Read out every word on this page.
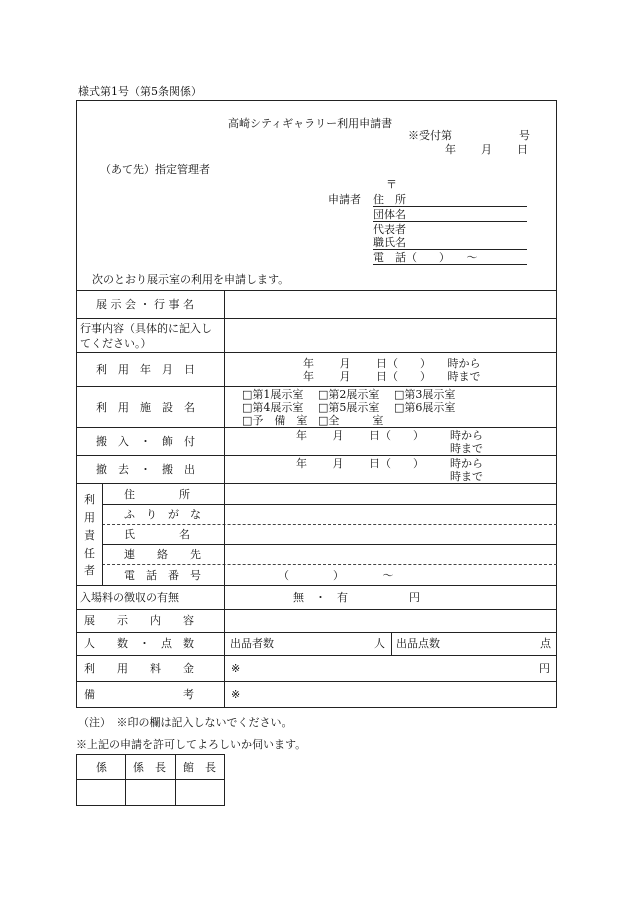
様式第1号（第5条関係）
高崎シティギャラリー利用申請書
※受付第	号
年 月 日
（あて先）指定管理者
〒
申請者 住　所
団体名
代表者
職氏名
電　話（　　）　　〜
次のとおり展示室の利用を申請します。
展 示 会 ・ 行 事 名
行事内容（具体的に記入し
てください。）
利　用　年　月　日	年　　 月　　 日（　　）　　時から
年　　 月　　 日（　　）　　時まで
利　用　施　設　名
□第1展示室 □第2展示室 □第3展示室
□第4展示室 □第5展示室 □第6展示室
□予　備　室 □全　　　室
搬　入　・　飾　付	年　　 月　　 日（　　） 時から
時まで
撤　去　・　搬　出	年　　 月　　 日（　　） 時から
時まで
利
用
責
任
者
住　　　　所
ふ　り　が　な
氏　　　　名
連　　絡　　先
電　話　番　号	（　　　　）　　　　〜
入場料の徴収の有無	無　・　有	円
展　　示　　内　　容
人　　数　・　点　数	出品者数	人 出品点数	点
利　　用　　料　　金	※	円
備　　　　　　　　考	※
（注）　※印の欄は記入しないでください。
※上記の申請を許可してよろしいか伺います。
係 係　長 館　長
